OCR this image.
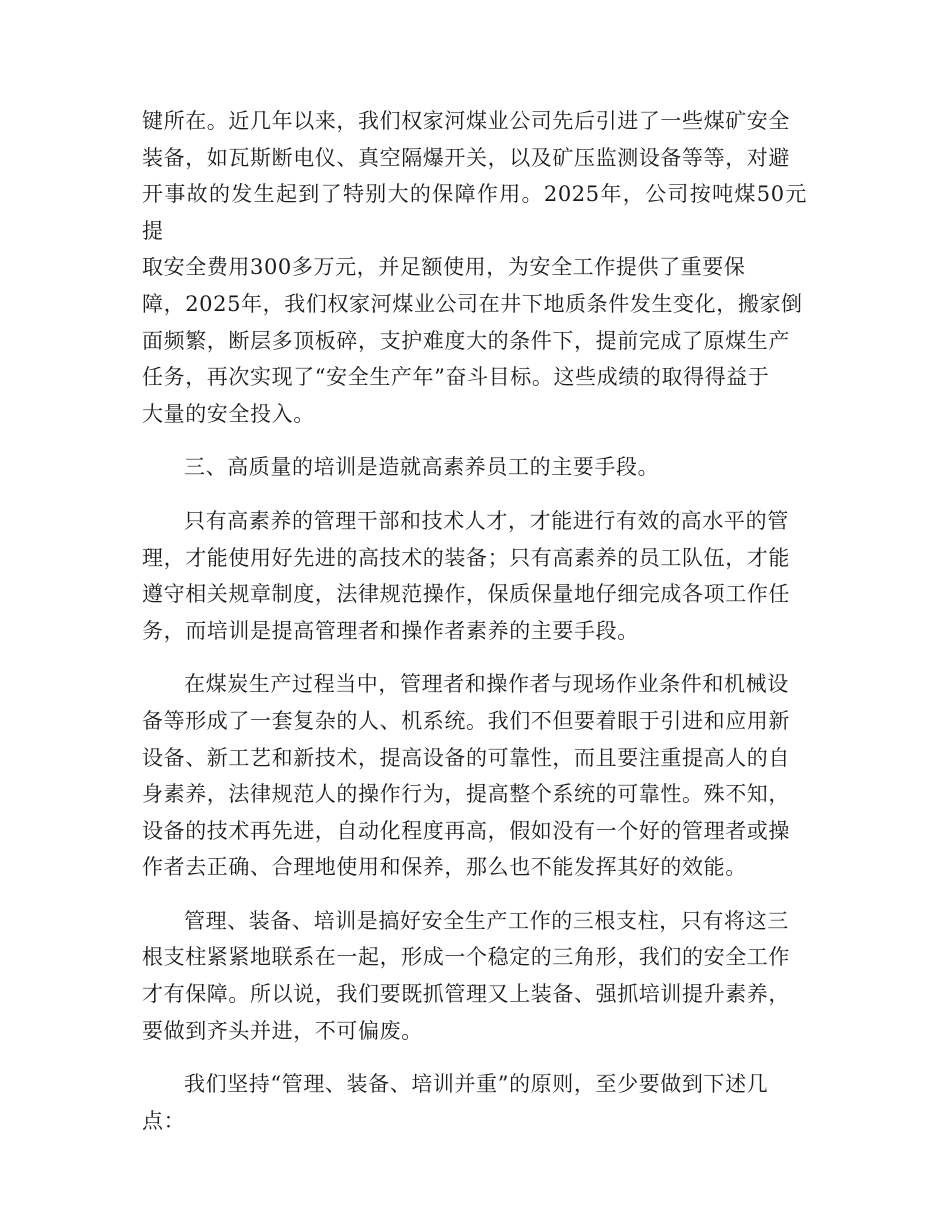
键所在。近几年以来，我们权家河煤业公司先后引进了一些煤矿安全
装备，如瓦斯断电仪、真空隔爆开关，以及矿压监测设备等等，对避
开事故的发生起到了特别大的保障作用。2025年，公司按吨煤50元提
取安全费用300多万元，并足额使用，为安全工作提供了重要保
障，2025年，我们权家河煤业公司在井下地质条件发生变化，搬家倒
面频繁，断层多顶板碎，支护难度大的条件下，提前完成了原煤生产
任务，再次实现了“安全生产年”奋斗目标。这些成绩的取得得益于
大量的安全投入。
三、高质量的培训是造就高素养员工的主要手段。
只有高素养的管理干部和技术人才，才能进行有效的高水平的管
理，才能使用好先进的高技术的装备；只有高素养的员工队伍，才能
遵守相关规章制度，法律规范操作，保质保量地仔细完成各项工作任
务，而培训是提高管理者和操作者素养的主要手段。
在煤炭生产过程当中，管理者和操作者与现场作业条件和机械设
备等形成了一套复杂的人、机系统。我们不但要着眼于引进和应用新
设备、新工艺和新技术，提高设备的可靠性，而且要注重提高人的自
身素养，法律规范人的操作行为，提高整个系统的可靠性。殊不知，
设备的技术再先进，自动化程度再高，假如没有一个好的管理者或操
作者去正确、合理地使用和保养，那么也不能发挥其好的效能。
管理、装备、培训是搞好安全生产工作的三根支柱，只有将这三
根支柱紧紧地联系在一起，形成一个稳定的三角形，我们的安全工作
才有保障。所以说，我们要既抓管理又上装备、强抓培训提升素养，
要做到齐头并进，不可偏废。
我们坚持“管理、装备、培训并重”的原则，至少要做到下述几
点：
